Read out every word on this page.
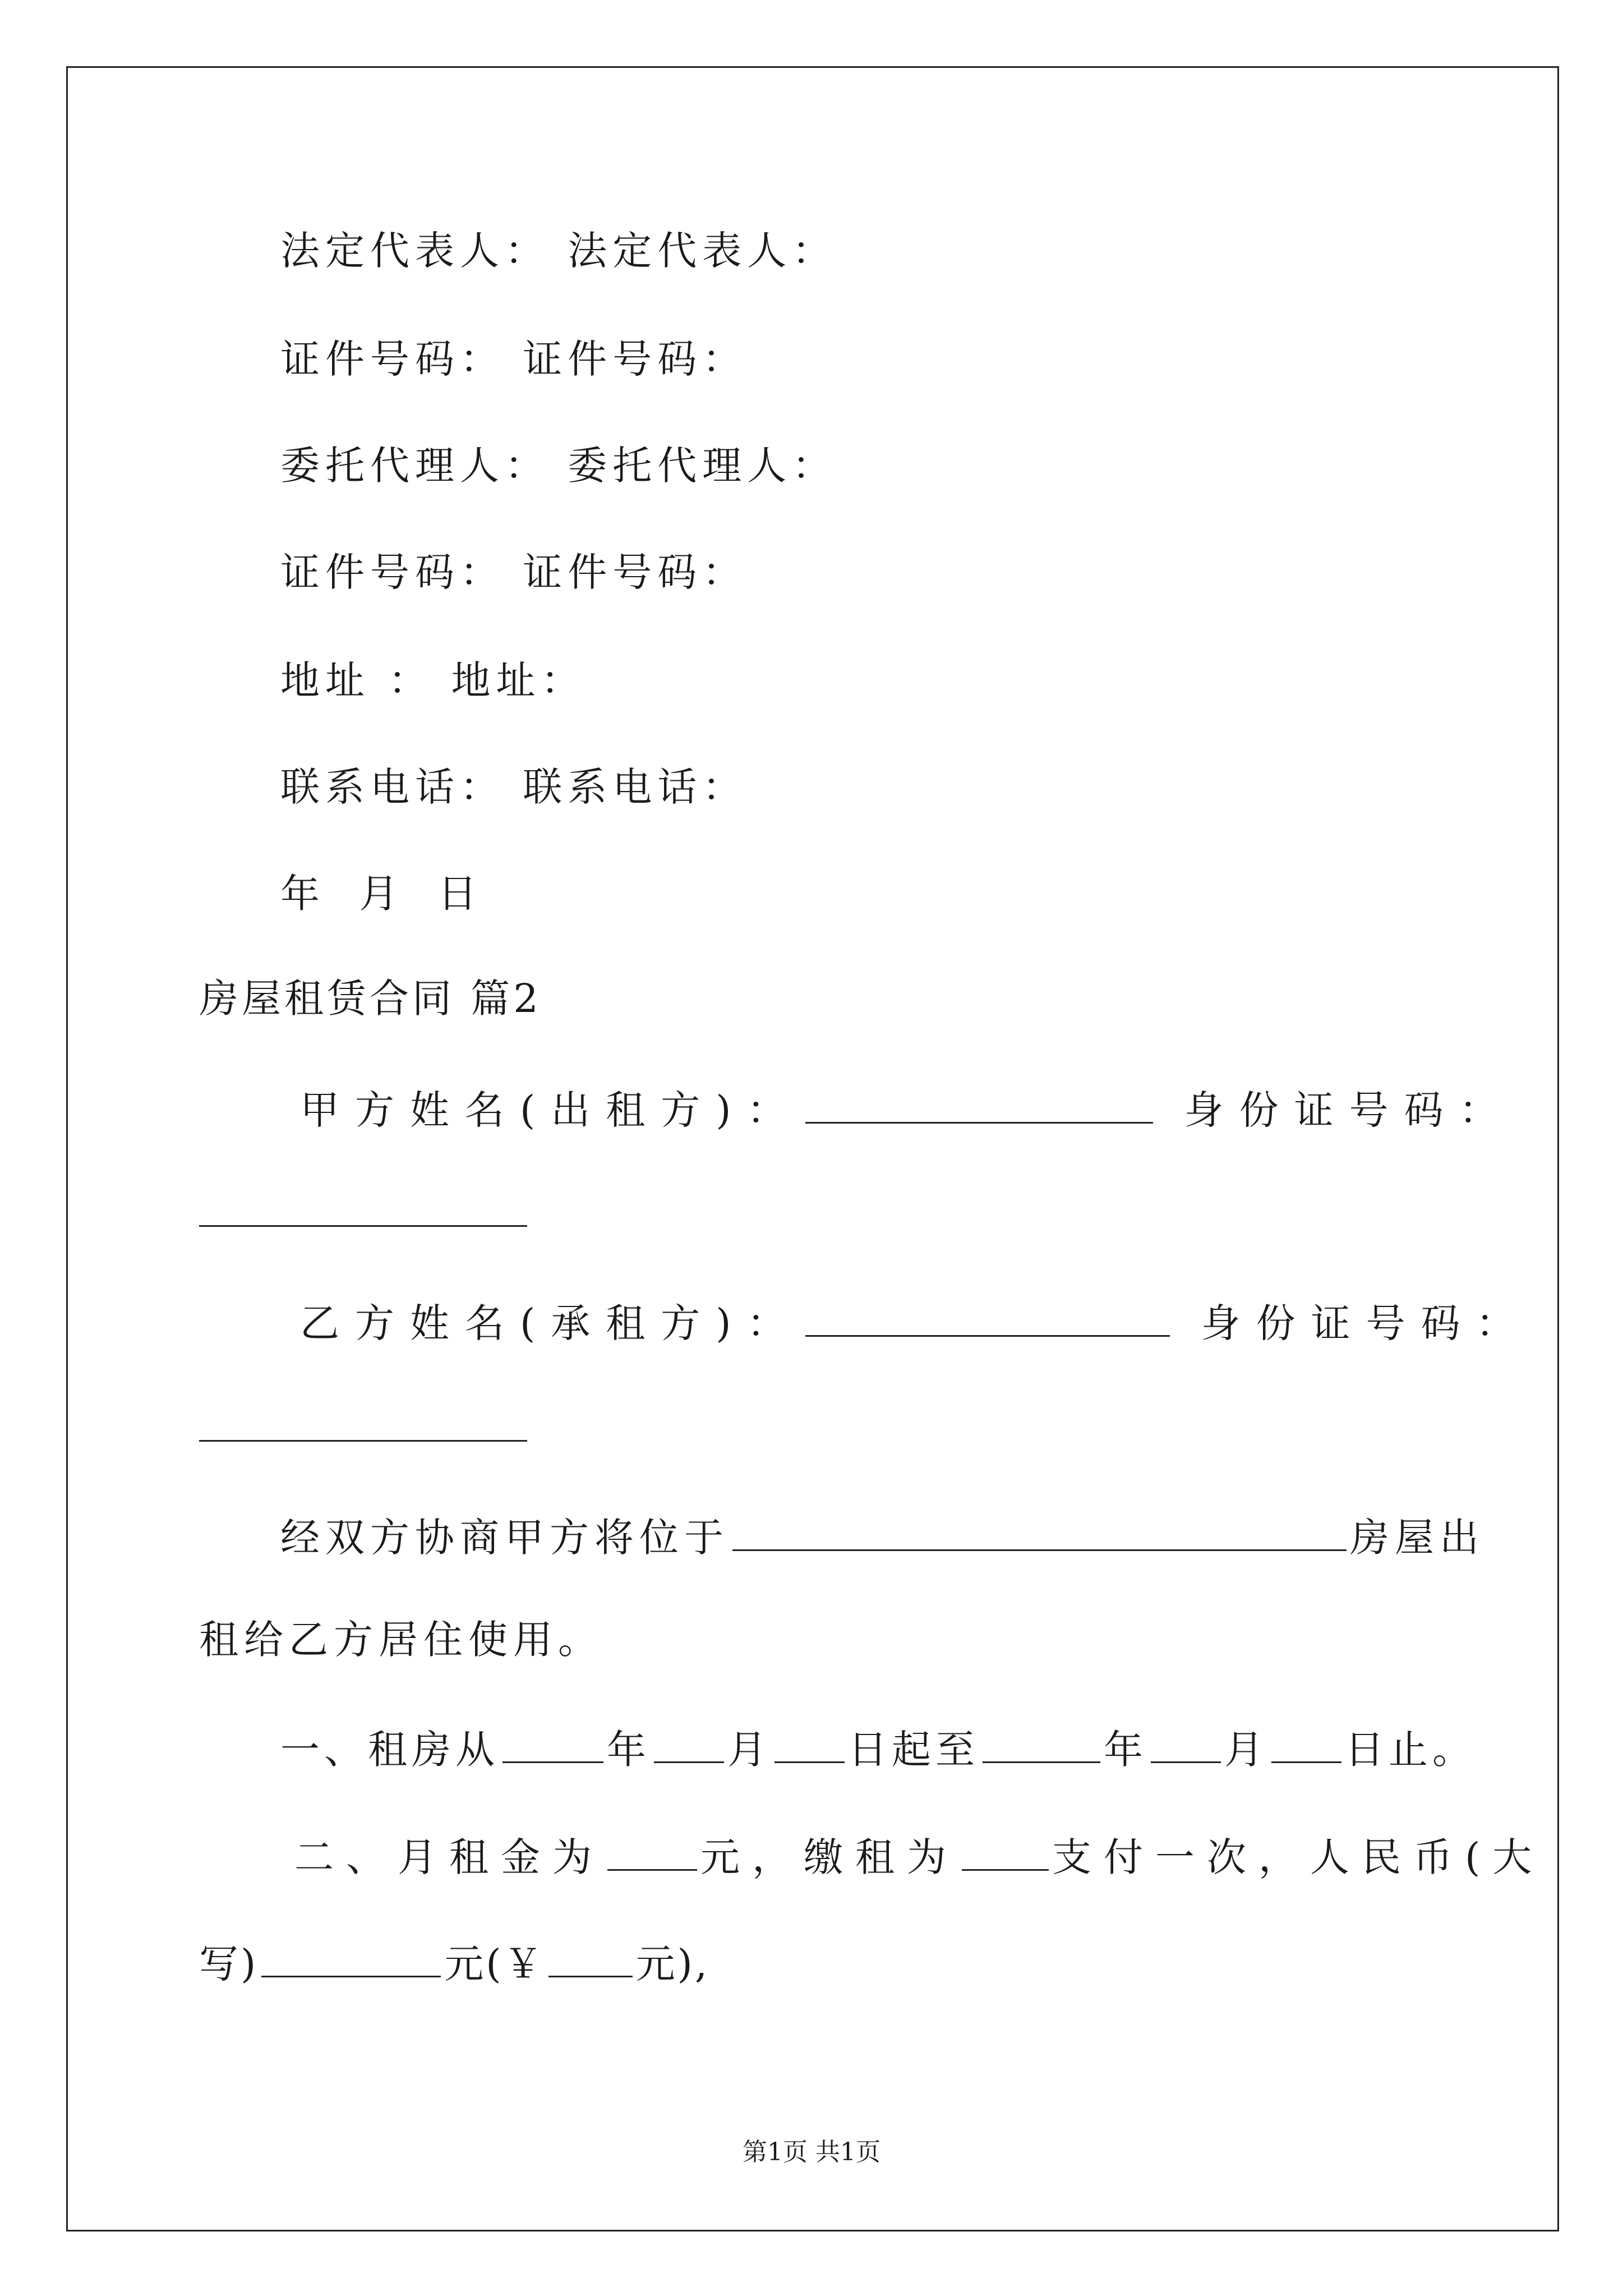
法定代表人： 法定代表人：
证件号码： 证件号码：
委托代理人： 委托代理人：
证件号码： 证件号码：
地址 ： 地址：
联系电话： 联系电话：
年 月 日
房屋租赁合同 篇2
甲方姓名(出租方)：	身份证号码：
乙方姓名(承租方)：	身份证号码：
经双方协商甲方将位于	房屋出
租给乙方居住使用。
一、租房从	年 月 日起至	年 月 日止。
二、月租金为 元，缴租为 支付一次，人民币(大
写)	元(￥ 元),
第1页 共1页
